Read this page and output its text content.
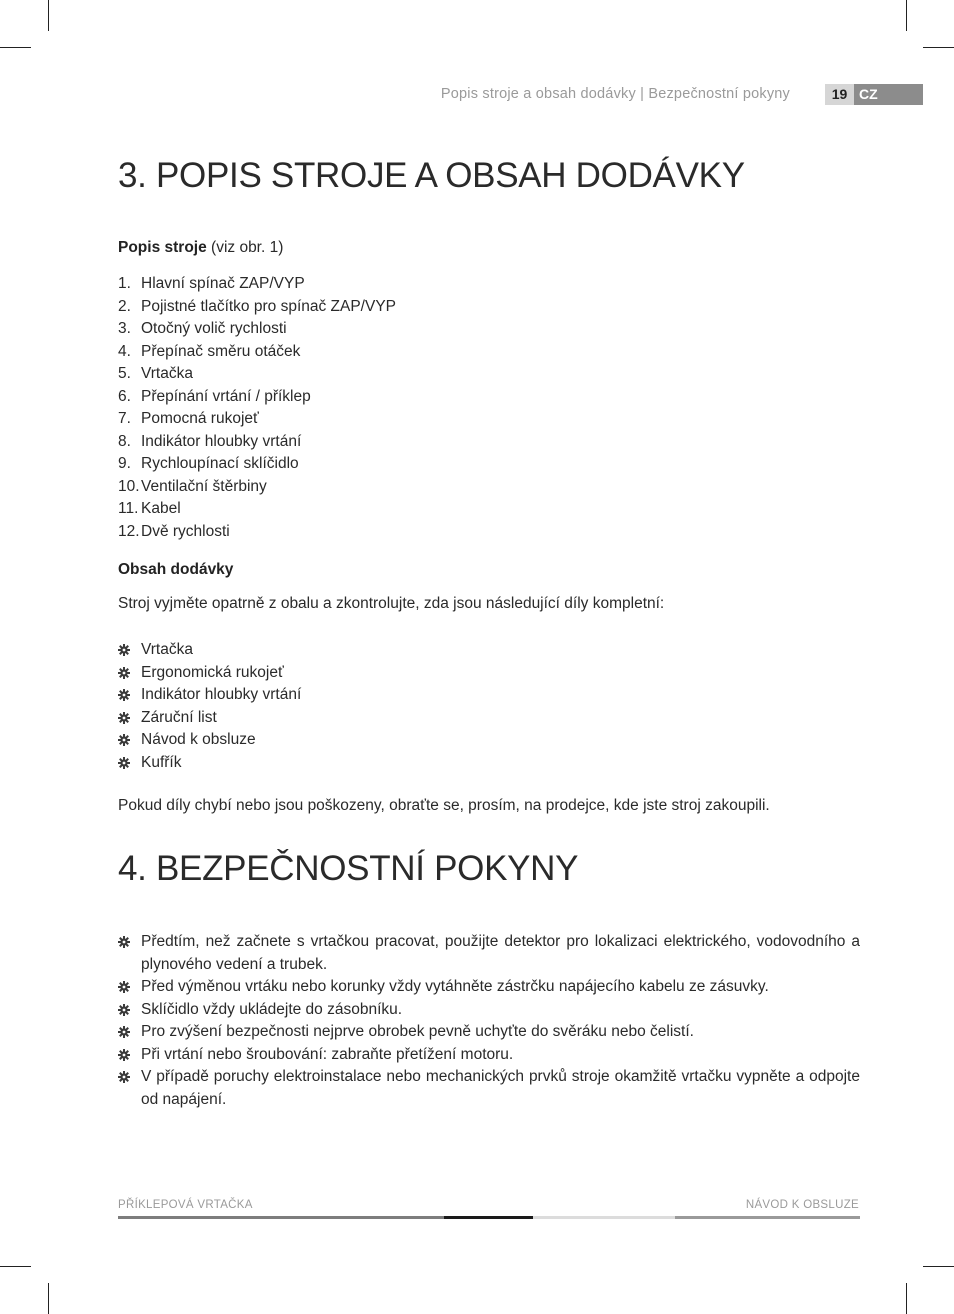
Popis stroje a obsah dodávky | Bezpečnostní pokyny	19 CZ
3. POPIS STROJE A OBSAH DODÁVKY
Popis stroje (viz obr. 1)
1. Hlavní spínač ZAP/VYP
2. Pojistné tlačítko pro spínač ZAP/VYP
3. Otočný volič rychlosti
4. Přepínač směru otáček
5. Vrtačka
6. Přepínání vrtání / příklep
7. Pomocná rukojeť
8. Indikátor hloubky vrtání
9. Rychloupínací sklíčidlo
10. Ventilační štěrbiny
11. Kabel
12. Dvě rychlosti
Obsah dodávky
Stroj vyjměte opatrně z obalu a zkontrolujte, zda jsou následující díly kompletní:
Vrtačka
Ergonomická rukojeť
Indikátor hloubky vrtání
Záruční list
Návod k obsluze
Kufřík
Pokud díly chybí nebo jsou poškozeny, obraťte se, prosím, na prodejce, kde jste stroj zakoupili.
4. BEZPEČNOSTNÍ POKYNY
Předtím, než začnete s vrtačkou pracovat, použijte detektor pro lokalizaci elektrického, vodovodního a plynového vedení a trubek.
Před výměnou vrtáku nebo korunky vždy vytáhněte zástrčku napájecího kabelu ze zásuvky.
Sklíčidlo vždy ukládejte do zásobníku.
Pro zvýšení bezpečnosti nejprve obrobek pevně uchyťte do svěráku nebo čelistí.
Při vrtání nebo šroubování: zabraňte přetížení motoru.
V případě poruchy elektroinstalace nebo mechanických prvků stroje okamžitě vrtačku vypněte a odpojte od napájení.
PŘÍKLEPOVÁ VRTAČKA	NÁVOD K OBSLUZE
